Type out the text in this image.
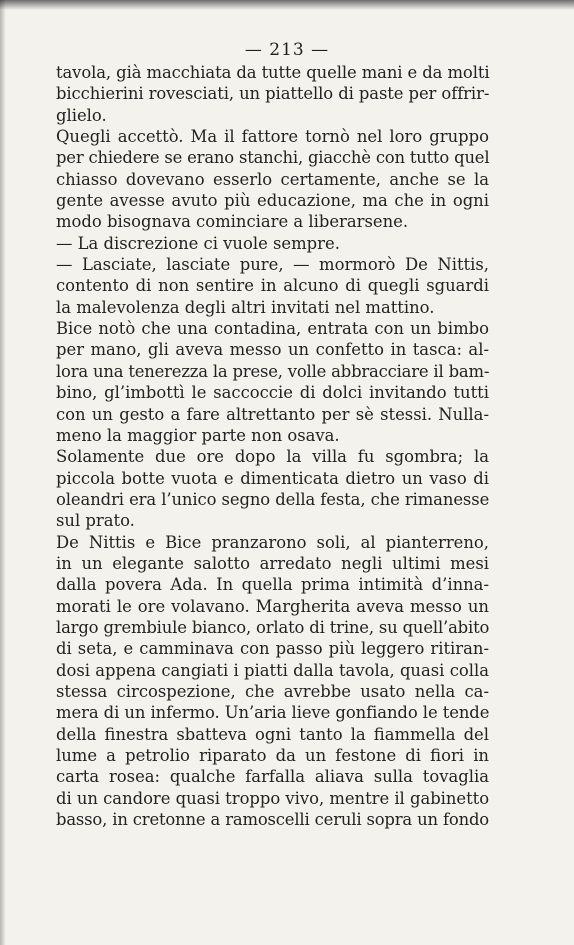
— 213 —
tavola, già macchiata da tutte quelle mani e da molti
bicchierini rovesciati, un piattello di paste per offrir-
glielo.
Quegli accettò. Ma il fattore tornò nel loro gruppo
per chiedere se erano stanchi, giacchè con tutto quel
chiasso dovevano esserlo certamente, anche se la
gente avesse avuto più educazione, ma che in ogni
modo bisognava cominciare a liberarsene.
— La discrezione ci vuole sempre.
— Lasciate, lasciate pure, — mormorò De Nittis,
contento di non sentire in alcuno di quegli sguardi
la malevolenza degli altri invitati nel mattino.
Bice notò che una contadina, entrata con un bimbo
per mano, gli aveva messo un confetto in tasca: al-
lora una tenerezza la prese, volle abbracciare il bam-
bino, gl’imbottì le saccoccie di dolci invitando tutti
con un gesto a fare altrettanto per sè stessi. Nulla-
meno la maggior parte non osava.
Solamente due ore dopo la villa fu sgombra; la
piccola botte vuota e dimenticata dietro un vaso di
oleandri era l’unico segno della festa, che rimanesse
sul prato.
De Nittis e Bice pranzarono soli, al pianterreno,
in un elegante salotto arredato negli ultimi mesi
dalla povera Ada. In quella prima intimità d’inna-
morati le ore volavano. Margherita aveva messo un
largo grembiule bianco, orlato di trine, su quell’abito
di seta, e camminava con passo più leggero ritiran-
dosi appena cangiati i piatti dalla tavola, quasi colla
stessa circospezione, che avrebbe usato nella ca-
mera di un infermo. Un’aria lieve gonfiando le tende
della finestra sbatteva ogni tanto la fiammella del
lume a petrolio riparato da un festone di fiori in
carta rosea: qualche farfalla aliava sulla tovaglia
di un candore quasi troppo vivo, mentre il gabinetto
basso, in cretonne a ramoscelli ceruli sopra un fondo
